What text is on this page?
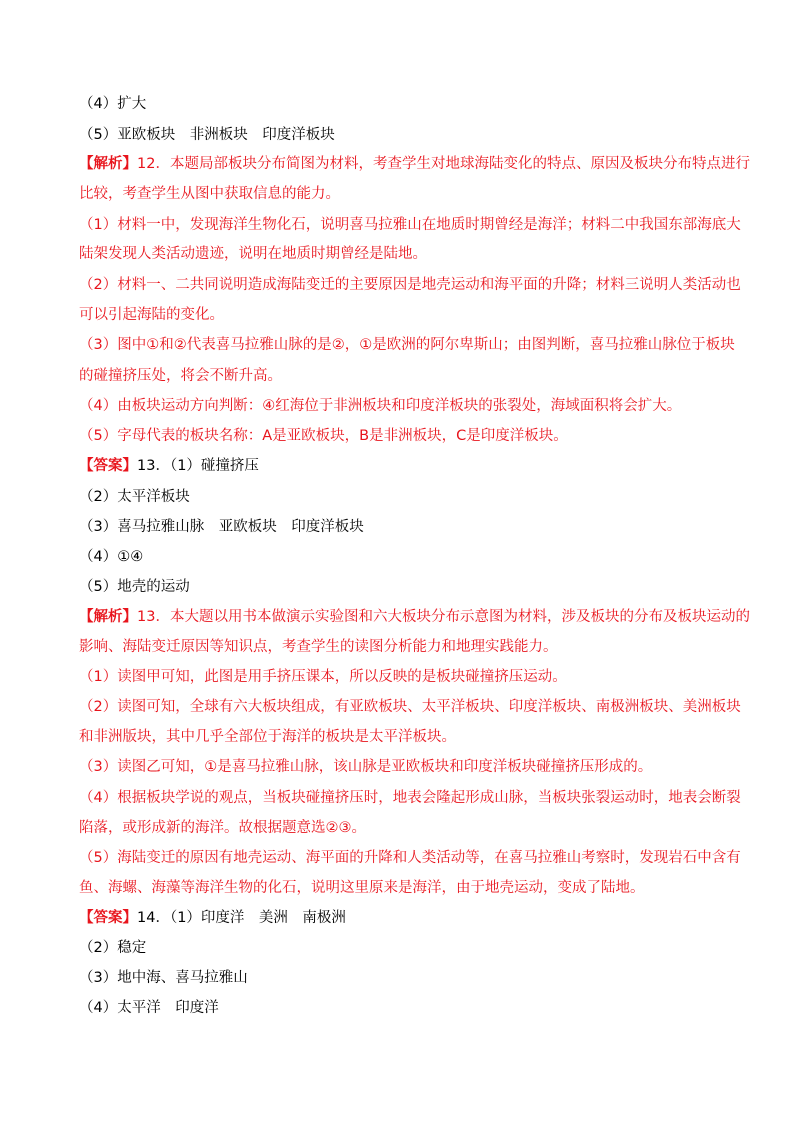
（4）扩大
（5）亚欧板块　非洲板块　印度洋板块
【解析】12．本题局部板块分布简图为材料，考查学生对地球海陆变化的特点、原因及板块分布特点进行
比较，考查学生从图中获取信息的能力。
（1）材料一中，发现海洋生物化石，说明喜马拉雅山在地质时期曾经是海洋；材料二中我国东部海底大
陆架发现人类活动遗迹，说明在地质时期曾经是陆地。
（2）材料一、二共同说明造成海陆变迁的主要原因是地壳运动和海平面的升降；材料三说明人类活动也
可以引起海陆的变化。
（3）图中①和②代表喜马拉雅山脉的是②，①是欧洲的阿尔卑斯山；由图判断，喜马拉雅山脉位于板块
的碰撞挤压处，将会不断升高。
（4）由板块运动方向判断：④红海位于非洲板块和印度洋板块的张裂处，海域面积将会扩大。
（5）字母代表的板块名称：A是亚欧板块，B是非洲板块，C是印度洋板块。
【答案】13．（1）碰撞挤压
（2）太平洋板块
（3）喜马拉雅山脉　亚欧板块　印度洋板块
（4）①④
（5）地壳的运动
【解析】13．本大题以用书本做演示实验图和六大板块分布示意图为材料，涉及板块的分布及板块运动的
影响、海陆变迁原因等知识点，考查学生的读图分析能力和地理实践能力。
（1）读图甲可知，此图是用手挤压课本，所以反映的是板块碰撞挤压运动。
（2）读图可知，全球有六大板块组成，有亚欧板块、太平洋板块、印度洋板块、南极洲板块、美洲板块
和非洲版块，其中几乎全部位于海洋的板块是太平洋板块。
（3）读图乙可知，①是喜马拉雅山脉，该山脉是亚欧板块和印度洋板块碰撞挤压形成的。
（4）根据板块学说的观点，当板块碰撞挤压时，地表会隆起形成山脉，当板块张裂运动时，地表会断裂
陷落，或形成新的海洋。故根据题意选②③。
（5）海陆变迁的原因有地壳运动、海平面的升降和人类活动等，在喜马拉雅山考察时，发现岩石中含有
鱼、海螺、海藻等海洋生物的化石，说明这里原来是海洋，由于地壳运动，变成了陆地。
【答案】14．（1）印度洋　美洲　南极洲
（2）稳定
（3）地中海、喜马拉雅山
（4）太平洋　印度洋
